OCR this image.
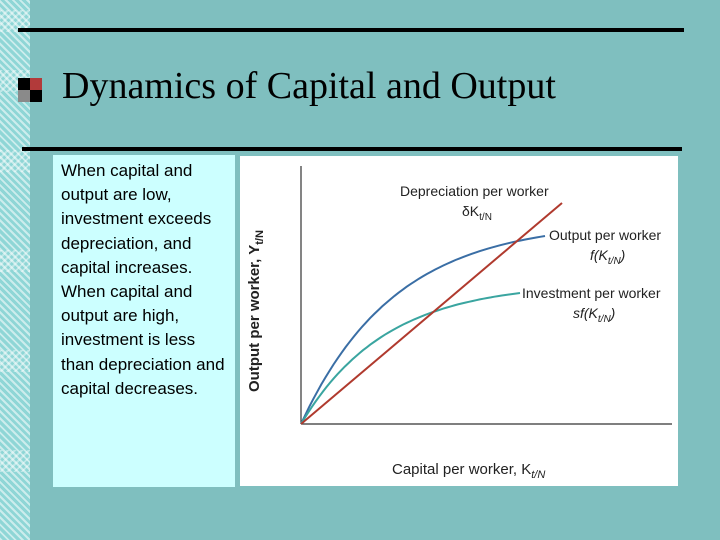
Dynamics of Capital and Output

When capital and output are low, investment exceeds depreciation, and capital increases. When capital and output are high, investment is less than depreciation and capital decreases.	Output per worker, $Y_t/N$
Capital per worker, $K_t/N$
Depreciation per worker
$\delta K_t/N$
Output per worker
$f(K_t/N)$
Investment per worker
$sf(K_t/N)$
